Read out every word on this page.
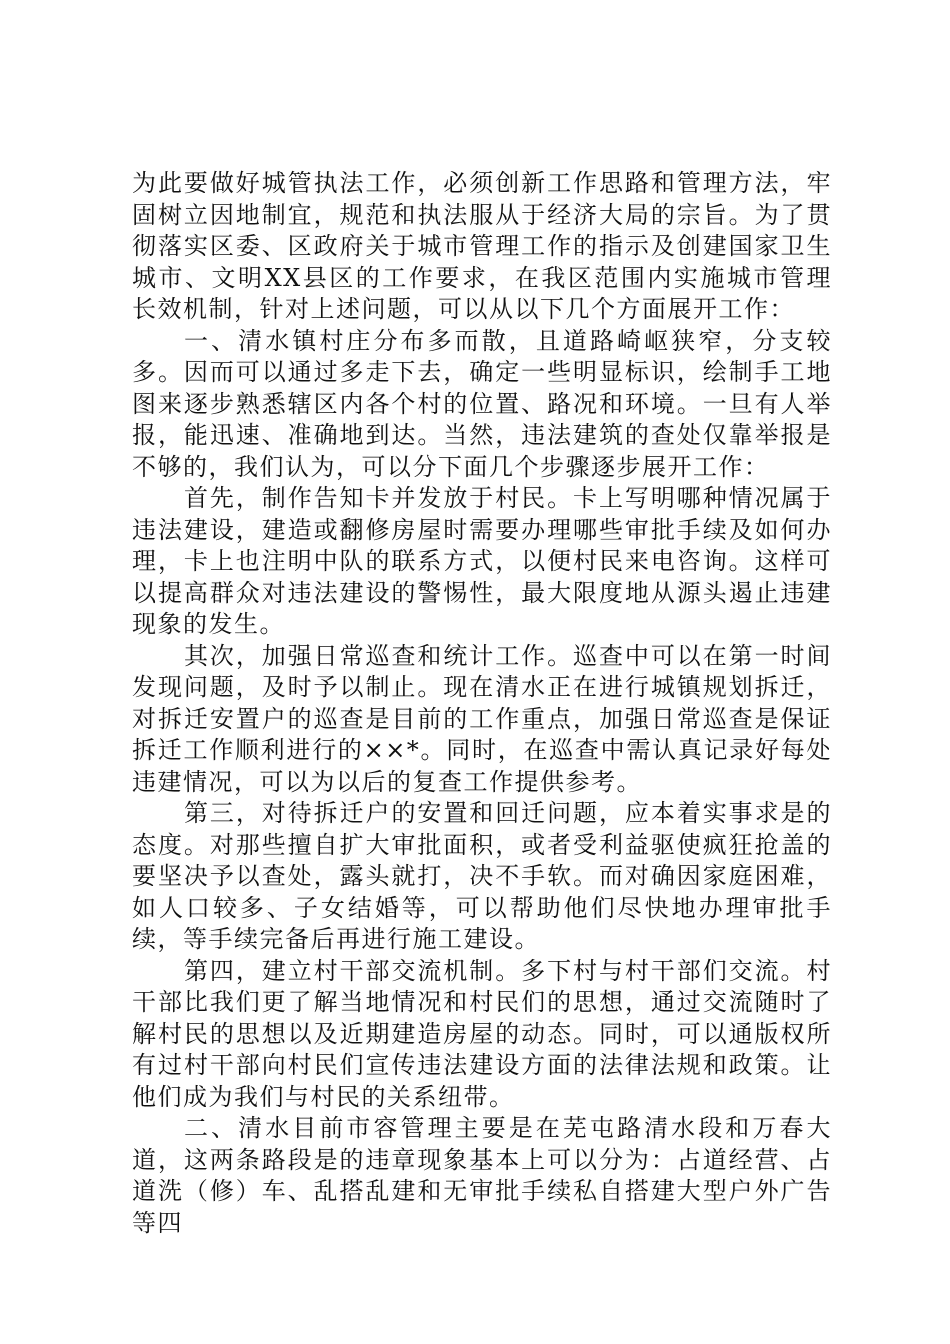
为此要做好城管执法工作，必须创新工作思路和管理方法，牢固树立因地制宜，规范和执法服从于经济大局的宗旨。为了贯彻落实区委、区政府关于城市管理工作的指示及创建国家卫生城市、文明XX县区的工作要求，在我区范围内实施城市管理长效机制，针对上述问题，可以从以下几个方面展开工作：

一、清水镇村庄分布多而散，且道路崎岖狭窄，分支较多。因而可以通过多走下去，确定一些明显标识，绘制手工地图来逐步熟悉辖区内各个村的位置、路况和环境。一旦有人举报，能迅速、准确地到达。当然，违法建筑的查处仅靠举报是不够的，我们认为，可以分下面几个步骤逐步展开工作：

首先，制作告知卡并发放于村民。卡上写明哪种情况属于违法建设，建造或翻修房屋时需要办理哪些审批手续及如何办理，卡上也注明中队的联系方式，以便村民来电咨询。这样可以提高群众对违法建设的警惕性，最大限度地从源头遏止违建现象的发生。

其次，加强日常巡查和统计工作。巡查中可以在第一时间发现问题，及时予以制止。现在清水正在进行城镇规划拆迁，对拆迁安置户的巡查是目前的工作重点，加强日常巡查是保证拆迁工作顺利进行的××*。同时，在巡查中需认真记录好每处违建情况，可以为以后的复查工作提供参考。

第三，对待拆迁户的安置和回迁问题，应本着实事求是的态度。对那些擅自扩大审批面积，或者受利益驱使疯狂抢盖的要坚决予以查处，露头就打，决不手软。而对确因家庭困难，如人口较多、子女结婚等，可以帮助他们尽快地办理审批手续，等手续完备后再进行施工建设。

第四，建立村干部交流机制。多下村与村干部们交流。村干部比我们更了解当地情况和村民们的思想，通过交流随时了解村民的思想以及近期建造房屋的动态。同时，可以通版权所有过村干部向村民们宣传违法建设方面的法律法规和政策。让他们成为我们与村民的关系纽带。

二、清水目前市容管理主要是在芜屯路清水段和万春大道，这两条路段是的违章现象基本上可以分为：占道经营、占道洗（修）车、乱搭乱建和无审批手续私自搭建大型户外广告等四
